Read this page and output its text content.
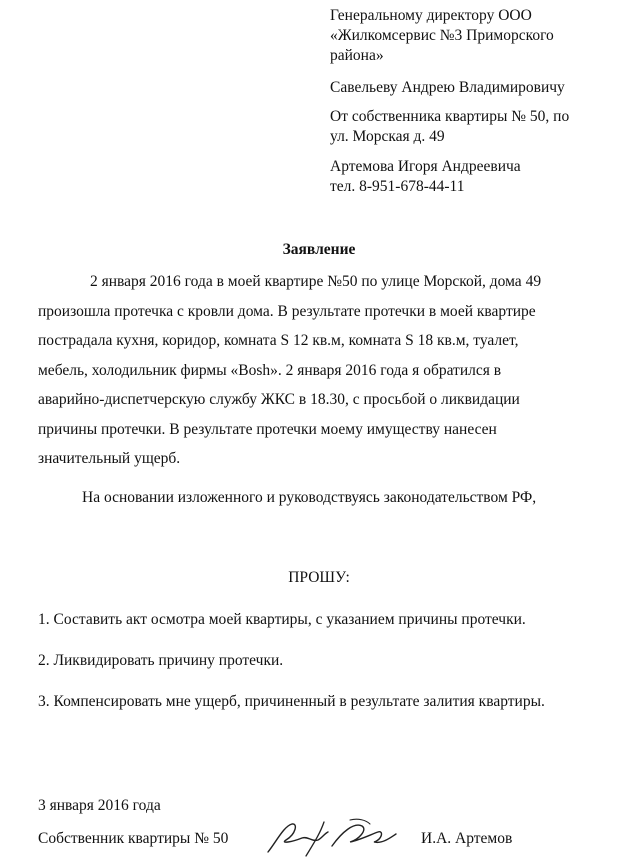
Генеральному директору ООО
«Жилкомсервис №3 Приморского
района»
Савельеву Андрею Владимировичу
От собственника квартиры № 50, по
ул. Морская д. 49
Артемова Игоря Андреевича
тел. 8-951-678-44-11
Заявление
2 января 2016 года в моей квартире №50 по улице Морской, дома 49
произошла протечка с кровли дома. В результате протечки в моей квартире
пострадала кухня, коридор, комната S 12 кв.м, комната S 18 кв.м, туалет,
мебель, холодильник фирмы «Bosh». 2 января 2016 года я обратился в
аварийно-диспетчерскую службу ЖКС в 18.30, с просьбой о ликвидации
причины протечки. В результате протечки моему имуществу нанесен
значительный ущерб.
На основании изложенного и руководствуясь законодательством РФ,
ПРОШУ:
1. Составить акт осмотра моей квартиры, с указанием причины протечки.
2. Ликвидировать причину протечки.
3. Компенсировать мне ущерб, причиненный в результате залития квартиры.
3 января 2016 года
Собственник квартиры № 50	И.А. Артемов
